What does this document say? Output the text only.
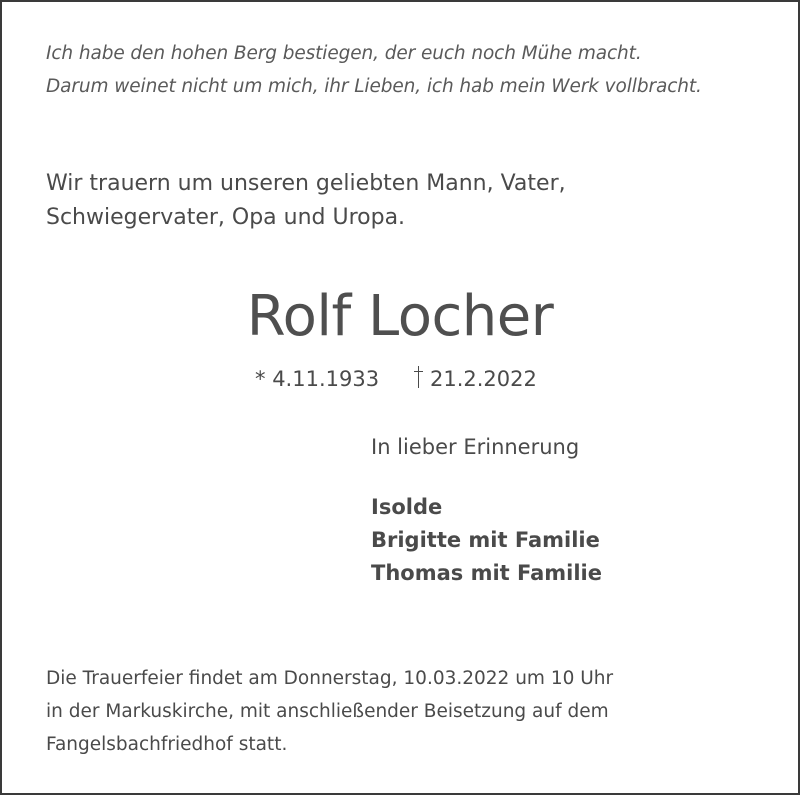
Ich habe den hohen Berg bestiegen, der euch noch Mühe macht.
Darum weinet nicht um mich, ihr Lieben, ich hab mein Werk vollbracht.
Wir trauern um unseren geliebten Mann, Vater,
Schwiegervater, Opa und Uropa.
Rolf Locher
* 4.11.1933	21.2.2022
In lieber Erinnerung
Isolde
Brigitte mit Familie
Thomas mit Familie
Die Trauerfeier findet am Donnerstag, 10.03.2022 um 10 Uhr
in der Markuskirche, mit anschließender Beisetzung auf dem
Fangelsbachfriedhof statt.
